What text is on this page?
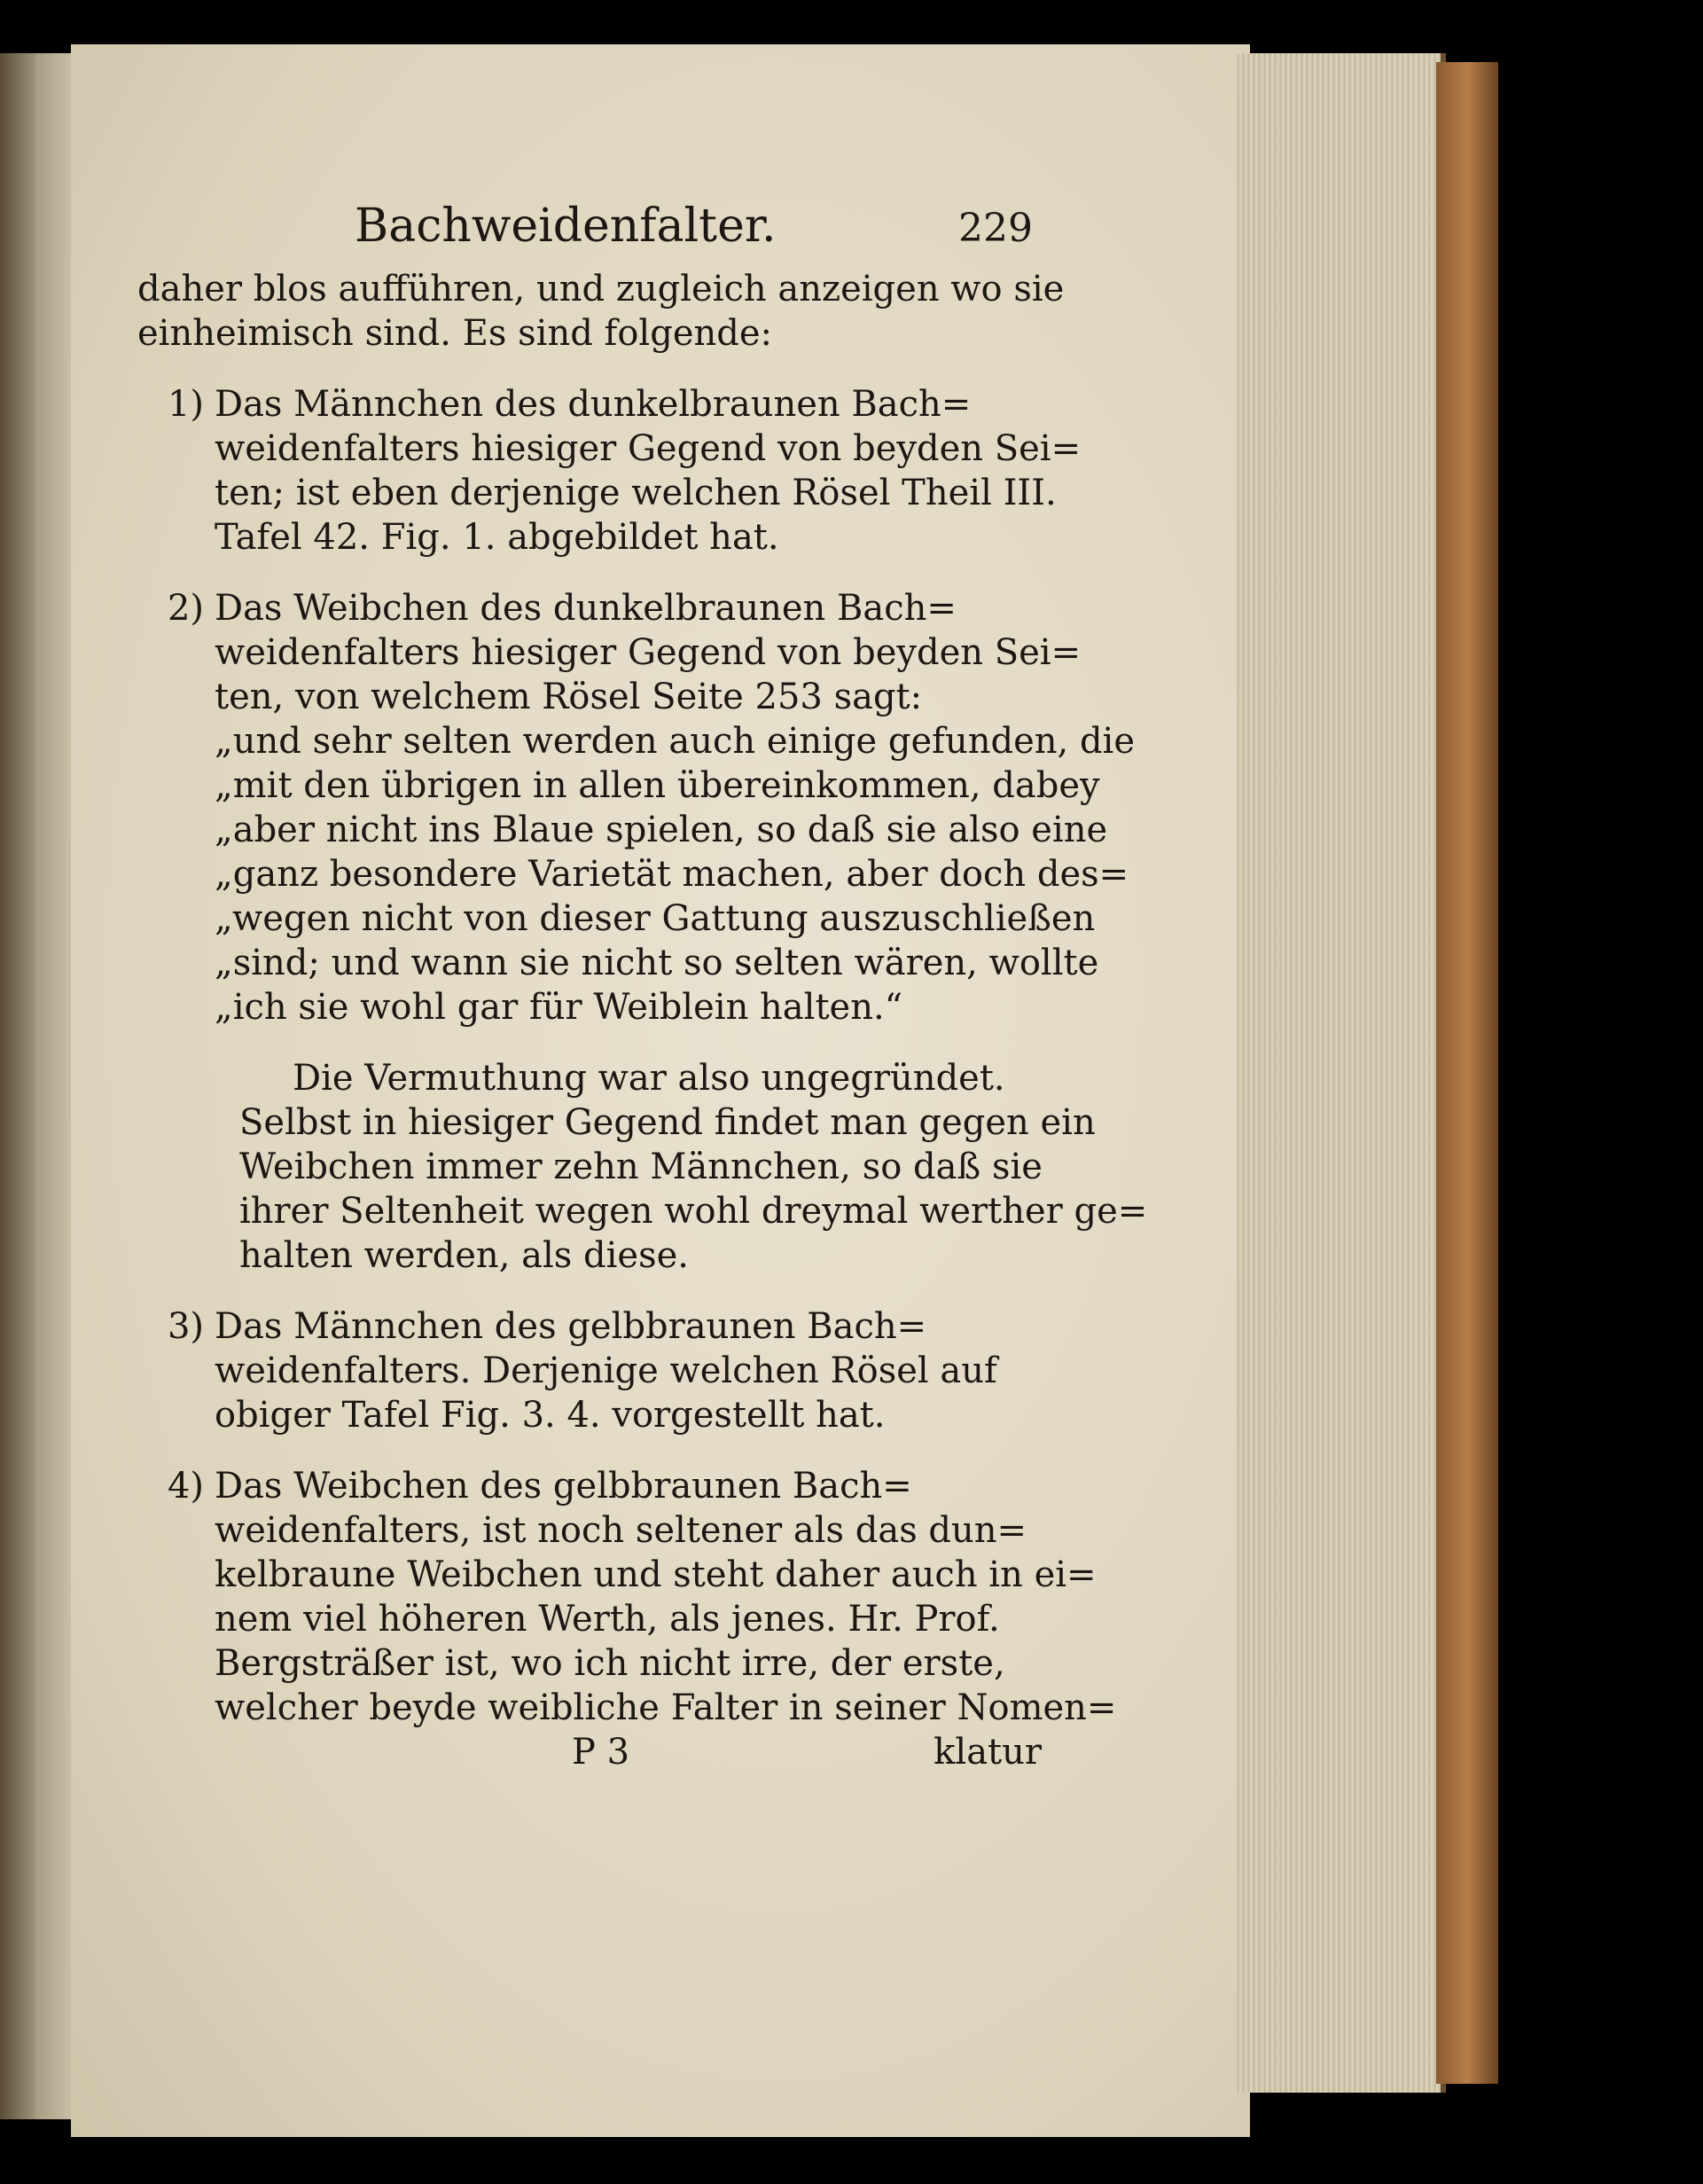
Bachweidenfalter.	229
daher blos aufführen, und zugleich anzeigen wo sie
einheimisch sind. Es sind folgende:
1) Das Männchen des dunkelbraunen Bach=
weidenfalters hiesiger Gegend von beyden Sei=
ten; ist eben derjenige welchen Rösel Theil III.
Tafel 42. Fig. 1. abgebildet hat.
2) Das Weibchen des dunkelbraunen Bach=
weidenfalters hiesiger Gegend von beyden Sei=
ten, von welchem Rösel Seite 253 sagt:
„und sehr selten werden auch einige gefunden, die
„mit den übrigen in allen übereinkommen, dabey
„aber nicht ins Blaue spielen, so daß sie also eine
„ganz besondere Varietät machen, aber doch des=
„wegen nicht von dieser Gattung auszuschließen
„sind; und wann sie nicht so selten wären, wollte
„ich sie wohl gar für Weiblein halten.“
Die Vermuthung war also ungegründet.
Selbst in hiesiger Gegend findet man gegen ein
Weibchen immer zehn Männchen, so daß sie
ihrer Seltenheit wegen wohl dreymal werther ge=
halten werden, als diese.
3) Das Männchen des gelbbraunen Bach=
weidenfalters. Derjenige welchen Rösel auf
obiger Tafel Fig. 3. 4. vorgestellt hat.
4) Das Weibchen des gelbbraunen Bach=
weidenfalters, ist noch seltener als das dun=
kelbraune Weibchen und steht daher auch in ei=
nem viel höheren Werth, als jenes. Hr. Prof.
Bergsträßer ist, wo ich nicht irre, der erste,
welcher beyde weibliche Falter in seiner Nomen=
P 3	klatur
